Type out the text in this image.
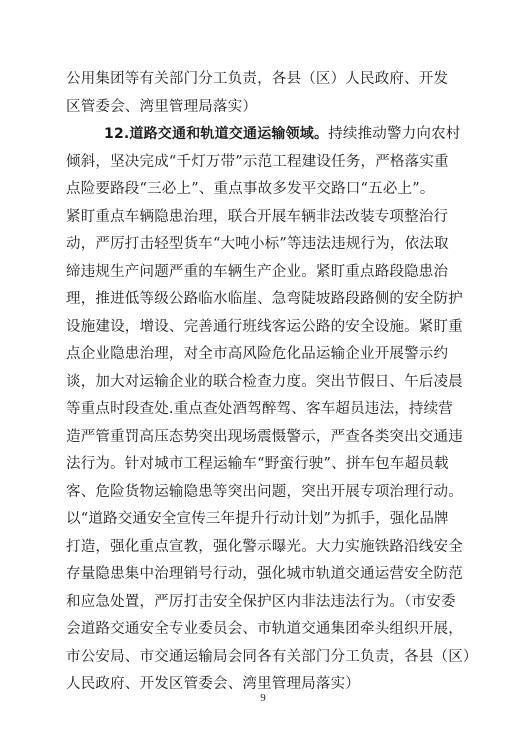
公用集团等有关部门分工负责，各县（区）人民政府、开发
区管委会、湾里管理局落实）
12.道路交通和轨道交通运输领域。持续推动警力向农村
倾斜，坚决完成“千灯万带”示范工程建设任务，严格落实重
点险要路段“三必上”、重点事故多发平交路口“五必上”。
紧盯重点车辆隐患治理，联合开展车辆非法改装专项整治行
动，严厉打击轻型货车“大吨小标”等违法违规行为，依法取
缔违规生产问题严重的车辆生产企业。紧盯重点路段隐患治
理，推进低等级公路临水临崖、急弯陡坡路段路侧的安全防护
设施建设，增设、完善通行班线客运公路的安全设施。紧盯重
点企业隐患治理，对全市高风险危化品运输企业开展警示约
谈，加大对运输企业的联合检查力度。突出节假日、午后凌晨
等重点时段查处.重点查处酒驾醉驾、客车超员违法，持续营
造严管重罚高压态势突出现场震慑警示，严查各类突出交通违
法行为。针对城市工程运输车“野蛮行驶”、拼车包车超员载
客、危险货物运输隐患等突出问题，突出开展专项治理行动。
以“道路交通安全宣传三年提升行动计划”为抓手，强化品牌
打造，强化重点宣教，强化警示曝光。大力实施铁路沿线安全
存量隐患集中治理销号行动，强化城市轨道交通运营安全防范
和应急处置，严厉打击安全保护区内非法违法行为。（市安委
会道路交通安全专业委员会、市轨道交通集团牵头组织开展，
市公安局、市交通运输局会同各有关部门分工负责，各县（区）
人民政府、开发区管委会、湾里管理局落实）
9
